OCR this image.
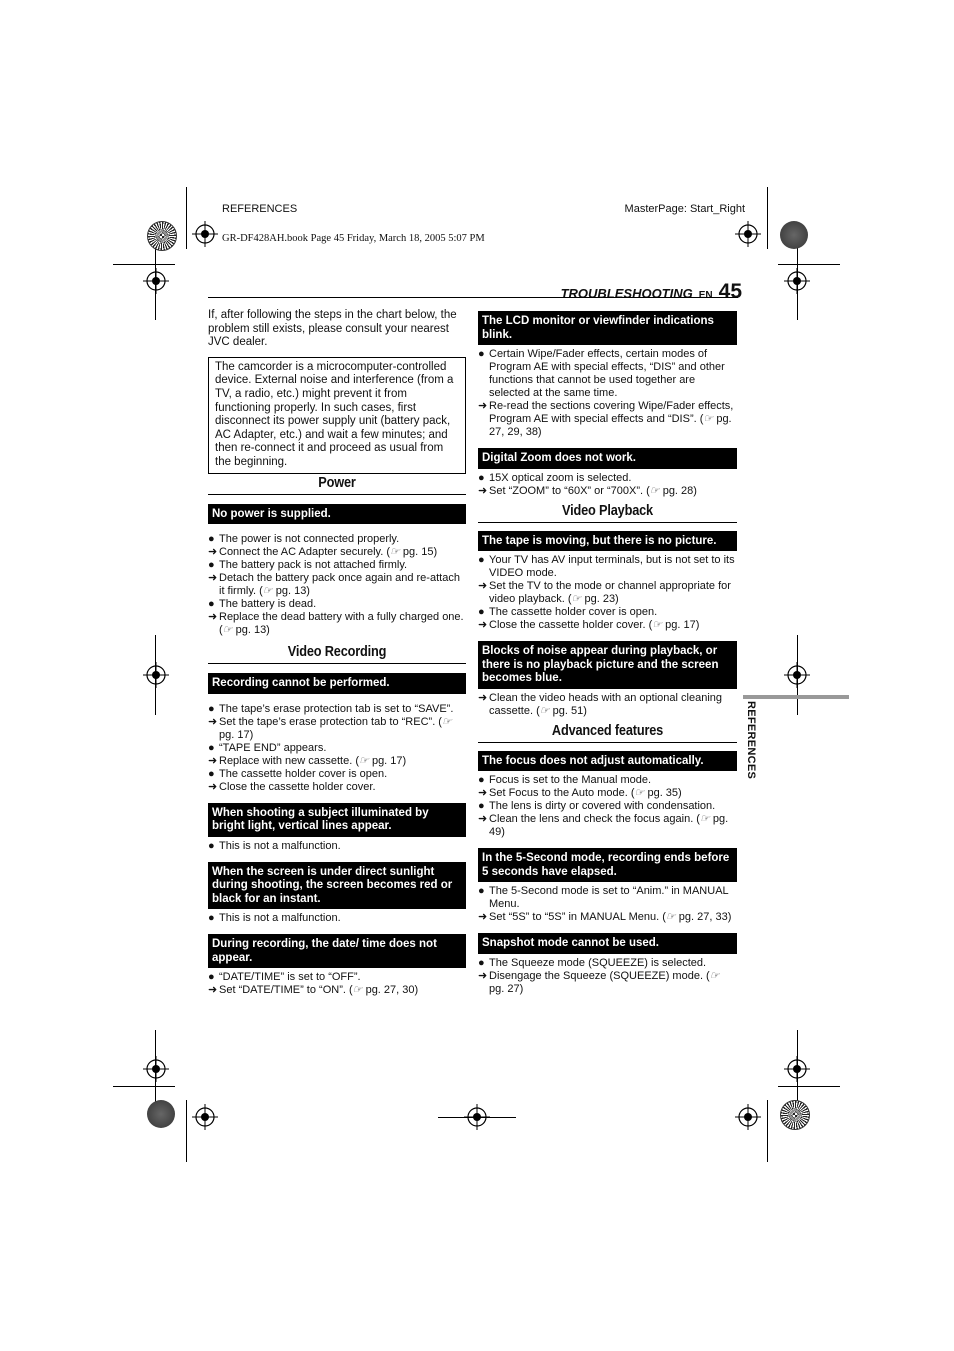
REFERENCES	MasterPage: Start_Right
GR-DF428AH.book Page 45 Friday, March 18, 2005 5:07 PM
TROUBLESHOOTING EN 45
REFERENCES
If, after following the steps in the chart below, the problem still exists, please consult your nearest JVC dealer.
The camcorder is a microcomputer-controlled device. External noise and interference (from a TV, a radio, etc.) might prevent it from functioning properly. In such cases, first disconnect its power supply unit (battery pack, AC Adapter, etc.) and wait a few minutes; and then re-connect it and proceed as usual from the beginning.
Power
No power is supplied.
● The power is not connected properly.
➜ Connect the AC Adapter securely. (☞ pg. 15)
● The battery pack is not attached firmly.
➜ Detach the battery pack once again and re-attach it firmly. (☞ pg. 13)
● The battery is dead.
➜ Replace the dead battery with a fully charged one. (☞ pg. 13)
Video Recording
Recording cannot be performed.
● The tape’s erase protection tab is set to “SAVE”.
➜ Set the tape’s erase protection tab to “REC”. (☞ pg. 17)
● “TAPE END” appears.
➜ Replace with new cassette. (☞ pg. 17)
● The cassette holder cover is open.
➜ Close the cassette holder cover.
When shooting a subject illuminated by bright light, vertical lines appear.
● This is not a malfunction.
When the screen is under direct sunlight during shooting, the screen becomes red or black for an instant.
● This is not a malfunction.
During recording, the date/ time does not appear.
● “DATE/TIME” is set to “OFF”.
➜ Set “DATE/TIME” to “ON”. (☞ pg. 27, 30)
The LCD monitor or viewfinder indications blink.
● Certain Wipe/Fader effects, certain modes of Program AE with special effects, “DIS” and other functions that cannot be used together are selected at the same time.
➜ Re-read the sections covering Wipe/Fader effects, Program AE with special effects and “DIS”. (☞ pg. 27, 29, 38)
Digital Zoom does not work.
● 15X optical zoom is selected.
➜ Set “ZOOM” to “60X” or “700X”. (☞ pg. 28)
Video Playback
The tape is moving, but there is no picture.
● Your TV has AV input terminals, but is not set to its VIDEO mode.
➜ Set the TV to the mode or channel appropriate for video playback. (☞ pg. 23)
● The cassette holder cover is open.
➜ Close the cassette holder cover. (☞ pg. 17)
Blocks of noise appear during playback, or there is no playback picture and the screen becomes blue.
➜ Clean the video heads with an optional cleaning cassette. (☞ pg. 51)
Advanced features
The focus does not adjust automatically.
● Focus is set to the Manual mode.
➜ Set Focus to the Auto mode. (☞ pg. 35)
● The lens is dirty or covered with condensation.
➜ Clean the lens and check the focus again. (☞ pg. 49)
In the 5-Second mode, recording ends before 5 seconds have elapsed.
● The 5-Second mode is set to “Anim.” in MANUAL Menu.
➜ Set “5S” to “5S” in MANUAL Menu. (☞ pg. 27, 33)
Snapshot mode cannot be used.
● The Squeeze mode (SQUEEZE) is selected.
➜ Disengage the Squeeze (SQUEEZE) mode. (☞ pg. 27)
